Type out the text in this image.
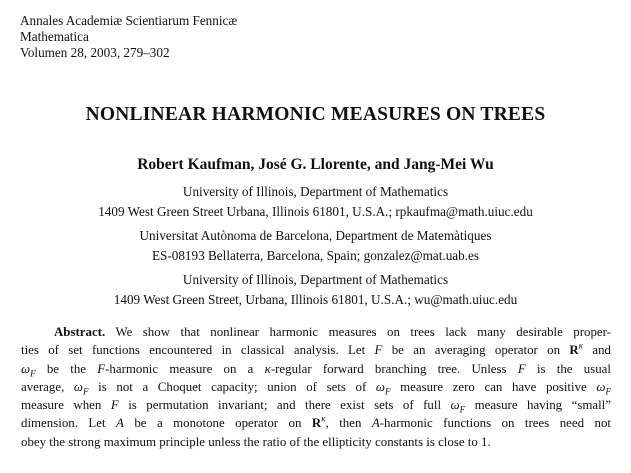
Annales Academiæ Scientiarum Fennicæ
Mathematica
Volumen 28, 2003, 279–302
NONLINEAR HARMONIC MEASURES ON TREES
Robert Kaufman, José G. Llorente, and Jang-Mei Wu
University of Illinois, Department of Mathematics
1409 West Green Street Urbana, Illinois 61801, U.S.A.; rpkaufma@math.uiuc.edu
Universitat Autònoma de Barcelona, Department de Matemàtiques
ES-08193 Bellaterra, Barcelona, Spain; gonzalez@mat.uab.es
University of Illinois, Department of Mathematics
1409 West Green Street, Urbana, Illinois 61801, U.S.A.; wu@math.uiuc.edu
Abstract. We show that nonlinear harmonic measures on trees lack many desirable proper-
ties of set functions encountered in classical analysis. Let F be an averaging operator on $R^\kappa$ and
$\omega_F$ be the F-harmonic measure on a κ-regular forward branching tree. Unless F is the usual
average, $\omega_F$ is not a Choquet capacity; union of sets of $\omega_F$ measure zero can have positive $\omega_F$
measure when F is permutation invariant; and there exist sets of full $\omega_F$ measure having “small”
dimension. Let A be a monotone operator on $R^\kappa$, then A-harmonic functions on trees need not
obey the strong maximum principle unless the ratio of the ellipticity constants is close to 1.
